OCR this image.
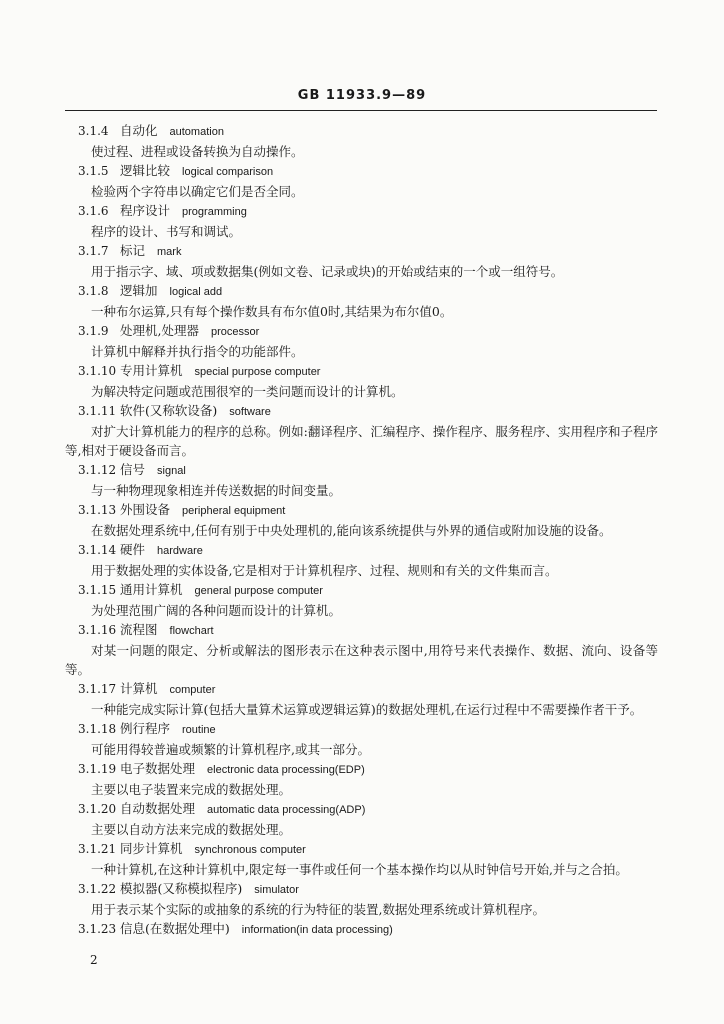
GB 11933.9—89
3.1.4 自动化 automation
使过程、进程或设备转换为自动操作。
3.1.5 逻辑比较 logical comparison
检验两个字符串以确定它们是否全同。
3.1.6 程序设计 programming
程序的设计、书写和调试。
3.1.7 标记 mark
用于指示字、域、项或数据集(例如文卷、记录或块)的开始或结束的一个或一组符号。
3.1.8 逻辑加 logical add
一种布尔运算,只有每个操作数具有布尔值0时,其结果为布尔值0。
3.1.9 处理机,处理器 processor
计算机中解释并执行指令的功能部件。
3.1.10 专用计算机 special purpose computer
为解决特定问题或范围很窄的一类问题而设计的计算机。
3.1.11 软件(又称软设备) software
对扩大计算机能力的程序的总称。例如:翻译程序、汇编程序、操作程序、服务程序、实用程序和子程序等,相对于硬设备而言。
3.1.12 信号 signal
与一种物理现象相连并传送数据的时间变量。
3.1.13 外围设备 peripheral equipment
在数据处理系统中,任何有别于中央处理机的,能向该系统提供与外界的通信或附加设施的设备。
3.1.14 硬件 hardware
用于数据处理的实体设备,它是相对于计算机程序、过程、规则和有关的文件集而言。
3.1.15 通用计算机 general purpose computer
为处理范围广阔的各种问题而设计的计算机。
3.1.16 流程图 flowchart
对某一问题的限定、分析或解法的图形表示在这种表示图中,用符号来代表操作、数据、流向、设备等等。
3.1.17 计算机 computer
一种能完成实际计算(包括大量算术运算或逻辑运算)的数据处理机,在运行过程中不需要操作者干予。
3.1.18 例行程序 routine
可能用得较普遍或频繁的计算机程序,或其一部分。
3.1.19 电子数据处理 electronic data processing(EDP)
主要以电子装置来完成的数据处理。
3.1.20 自动数据处理 automatic data processing(ADP)
主要以自动方法来完成的数据处理。
3.1.21 同步计算机 synchronous computer
一种计算机,在这种计算机中,限定每一事件或任何一个基本操作均以从时钟信号开始,并与之合拍。
3.1.22 模拟器(又称模拟程序) simulator
用于表示某个实际的或抽象的系统的行为特征的装置,数据处理系统或计算机程序。
3.1.23 信息(在数据处理中) information(in data processing)
2
